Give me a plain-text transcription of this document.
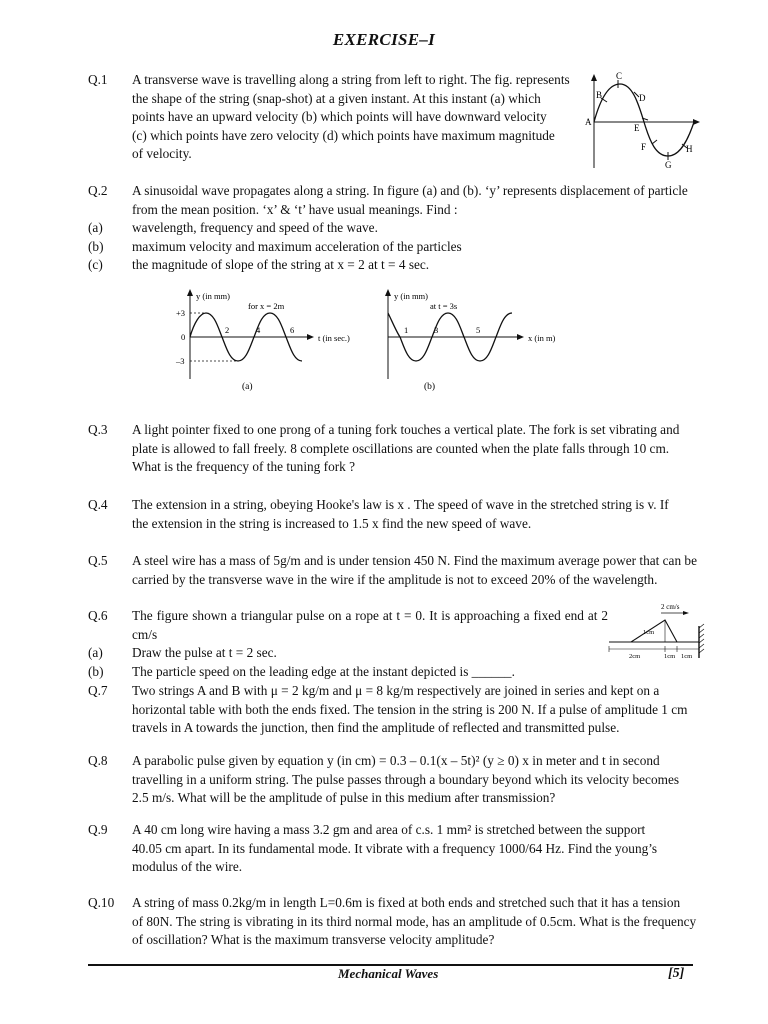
EXERCISE–I
Q.1	A transverse wave is travelling along a string from left to right. The fig. represents
the shape of the string (snap-shot) at a given instant. At this instant (a) which
points have an upward velocity (b) which points will have downward velocity
(c) which points have zero velocity (d) which points have maximum magnitude
of velocity.
A
B
C
D
E
F
G
H
Q.2	A sinusoidal wave propagates along a string. In figure (a) and (b). ‘y’ represents displacement of particle
from the mean position. ‘x’ & ‘t’ have usual meanings. Find :
(a)	wavelength, frequency and speed of the wave.
(b)	maximum velocity and maximum acceleration of the particles
(c)	the magnitude of slope of the string at x = 2 at t = 4 sec.
y (in mm)
for x = 2m
t (in sec.)
+3
0
–3
2	4	6
(a)
y (in mm)
at t = 3s
x (in m)
1	3	5
(b)
Q.3	A light pointer fixed to one prong of a tuning fork touches a vertical plate. The fork is set vibrating and
plate is allowed to fall freely. 8 complete oscillations are counted when the plate falls through 10 cm.
What is the frequency of the tuning fork ?
Q.4	The extension in a string, obeying Hooke's law is x . The speed of wave in the stretched string is v. If
the extension in the string is increased to 1.5 x find the new speed of wave.
Q.5	A steel wire has a mass of 5g/m and is under tension 450 N. Find the maximum average power that can be
carried by the transverse wave in the wire if the amplitude is not to exceed 20% of the wavelength.
Q.6	The figure shown a triangular pulse on a rope at t = 0. It is approaching a fixed end at 2 cm/s
(a)	Draw the pulse at t = 2 sec.
(b)	The particle speed on the leading edge at the instant depicted is ______.
2 cm/s
1cm
2cm	1cm 1cm
Q.7	Two strings A and B with μ = 2 kg/m and μ = 8 kg/m respectively are joined in series and kept on a
horizontal table with both the ends fixed. The tension in the string is 200 N. If a pulse of amplitude 1 cm
travels in A towards the junction, then find the amplitude of reflected and transmitted pulse.
Q.8	A parabolic pulse given by equation y (in cm) = 0.3 – 0.1(x – 5t)² (y ≥ 0) x in meter and t in second
travelling in a uniform string. The pulse passes through a boundary beyond which its velocity becomes
2.5 m/s. What will be the amplitude of pulse in this medium after transmission?
Q.9	A 40 cm long wire having a mass 3.2 gm and area of c.s. 1 mm² is stretched between the support
40.05 cm apart. In its fundamental mode. It vibrate with a frequency 1000/64 Hz. Find the young’s
modulus of the wire.
Q.10	A string of mass 0.2kg/m in length L=0.6m is fixed at both ends and stretched such that it has a tension
of 80N. The string is vibrating in its third normal mode, has an amplitude of 0.5cm. What is the frequency
of oscillation? What is the maximum transverse velocity amplitude?
Mechanical Waves	[5]
